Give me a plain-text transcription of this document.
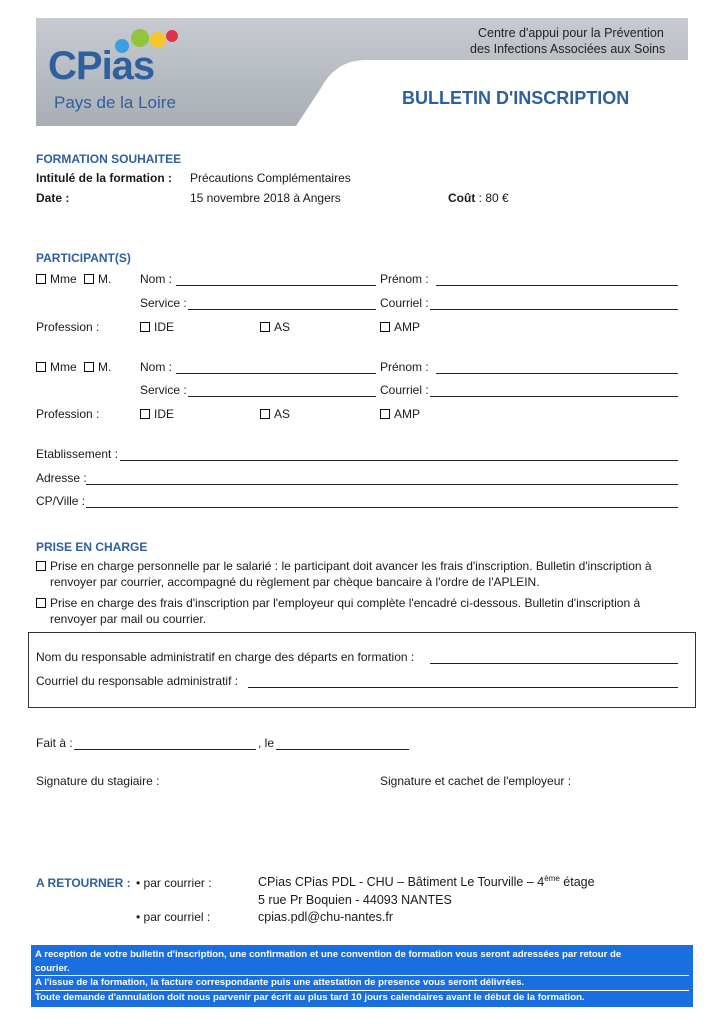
Centre d'appui pour la Prévention
des Infections Associées aux Soins
CPias
Pays de la Loire	BULLETIN D'INSCRIPTION
FORMATION SOUHAITEE
Intitulé de la formation : Précautions Complémentaires
Date :	15 novembre 2018 à Angers	Coût : 80 €
PARTICIPANT(S)
Mme M. Nom :	Prénom :
Service :	Courriel :
Profession :	IDE	AS	AMP
Mme M. Nom :	Prénom :
Service :	Courriel :
Profession :	IDE	AS	AMP
Etablissement :
Adresse :
CP/Ville :
PRISE EN CHARGE
Prise en charge personnelle par le salarié : le participant doit avancer les frais d'inscription. Bulletin d'inscription à
renvoyer par courrier, accompagné du règlement par chèque bancaire à l'ordre de l'APLEIN.
Prise en charge des frais d'inscription par l'employeur qui complète l'encadré ci-dessous. Bulletin d'inscription à
renvoyer par mail ou courrier.
Nom du responsable administratif en charge des départs en formation :
Courriel du responsable administratif :
Fait à :	, le
Signature du stagiaire :	Signature et cachet de l'employeur :
A RETOURNER : • par courrier :	CPias CPias PDL - CHU – Bâtiment Le Tourville – 4ème étage
5 rue Pr Boquien - 44093 NANTES
• par courriel :	cpias.pdl@chu-nantes.fr
A reception de votre bulletin d'inscription, une confirmation et une convention de formation vous seront adressées par retour de
courier.
A l'issue de la formation, la facture correspondante puis une attestation de presence vous seront délivrées.
Toute demande d'annulation doit nous parvenir par écrit au plus tard 10 jours calendaires avant le début de la formation.
